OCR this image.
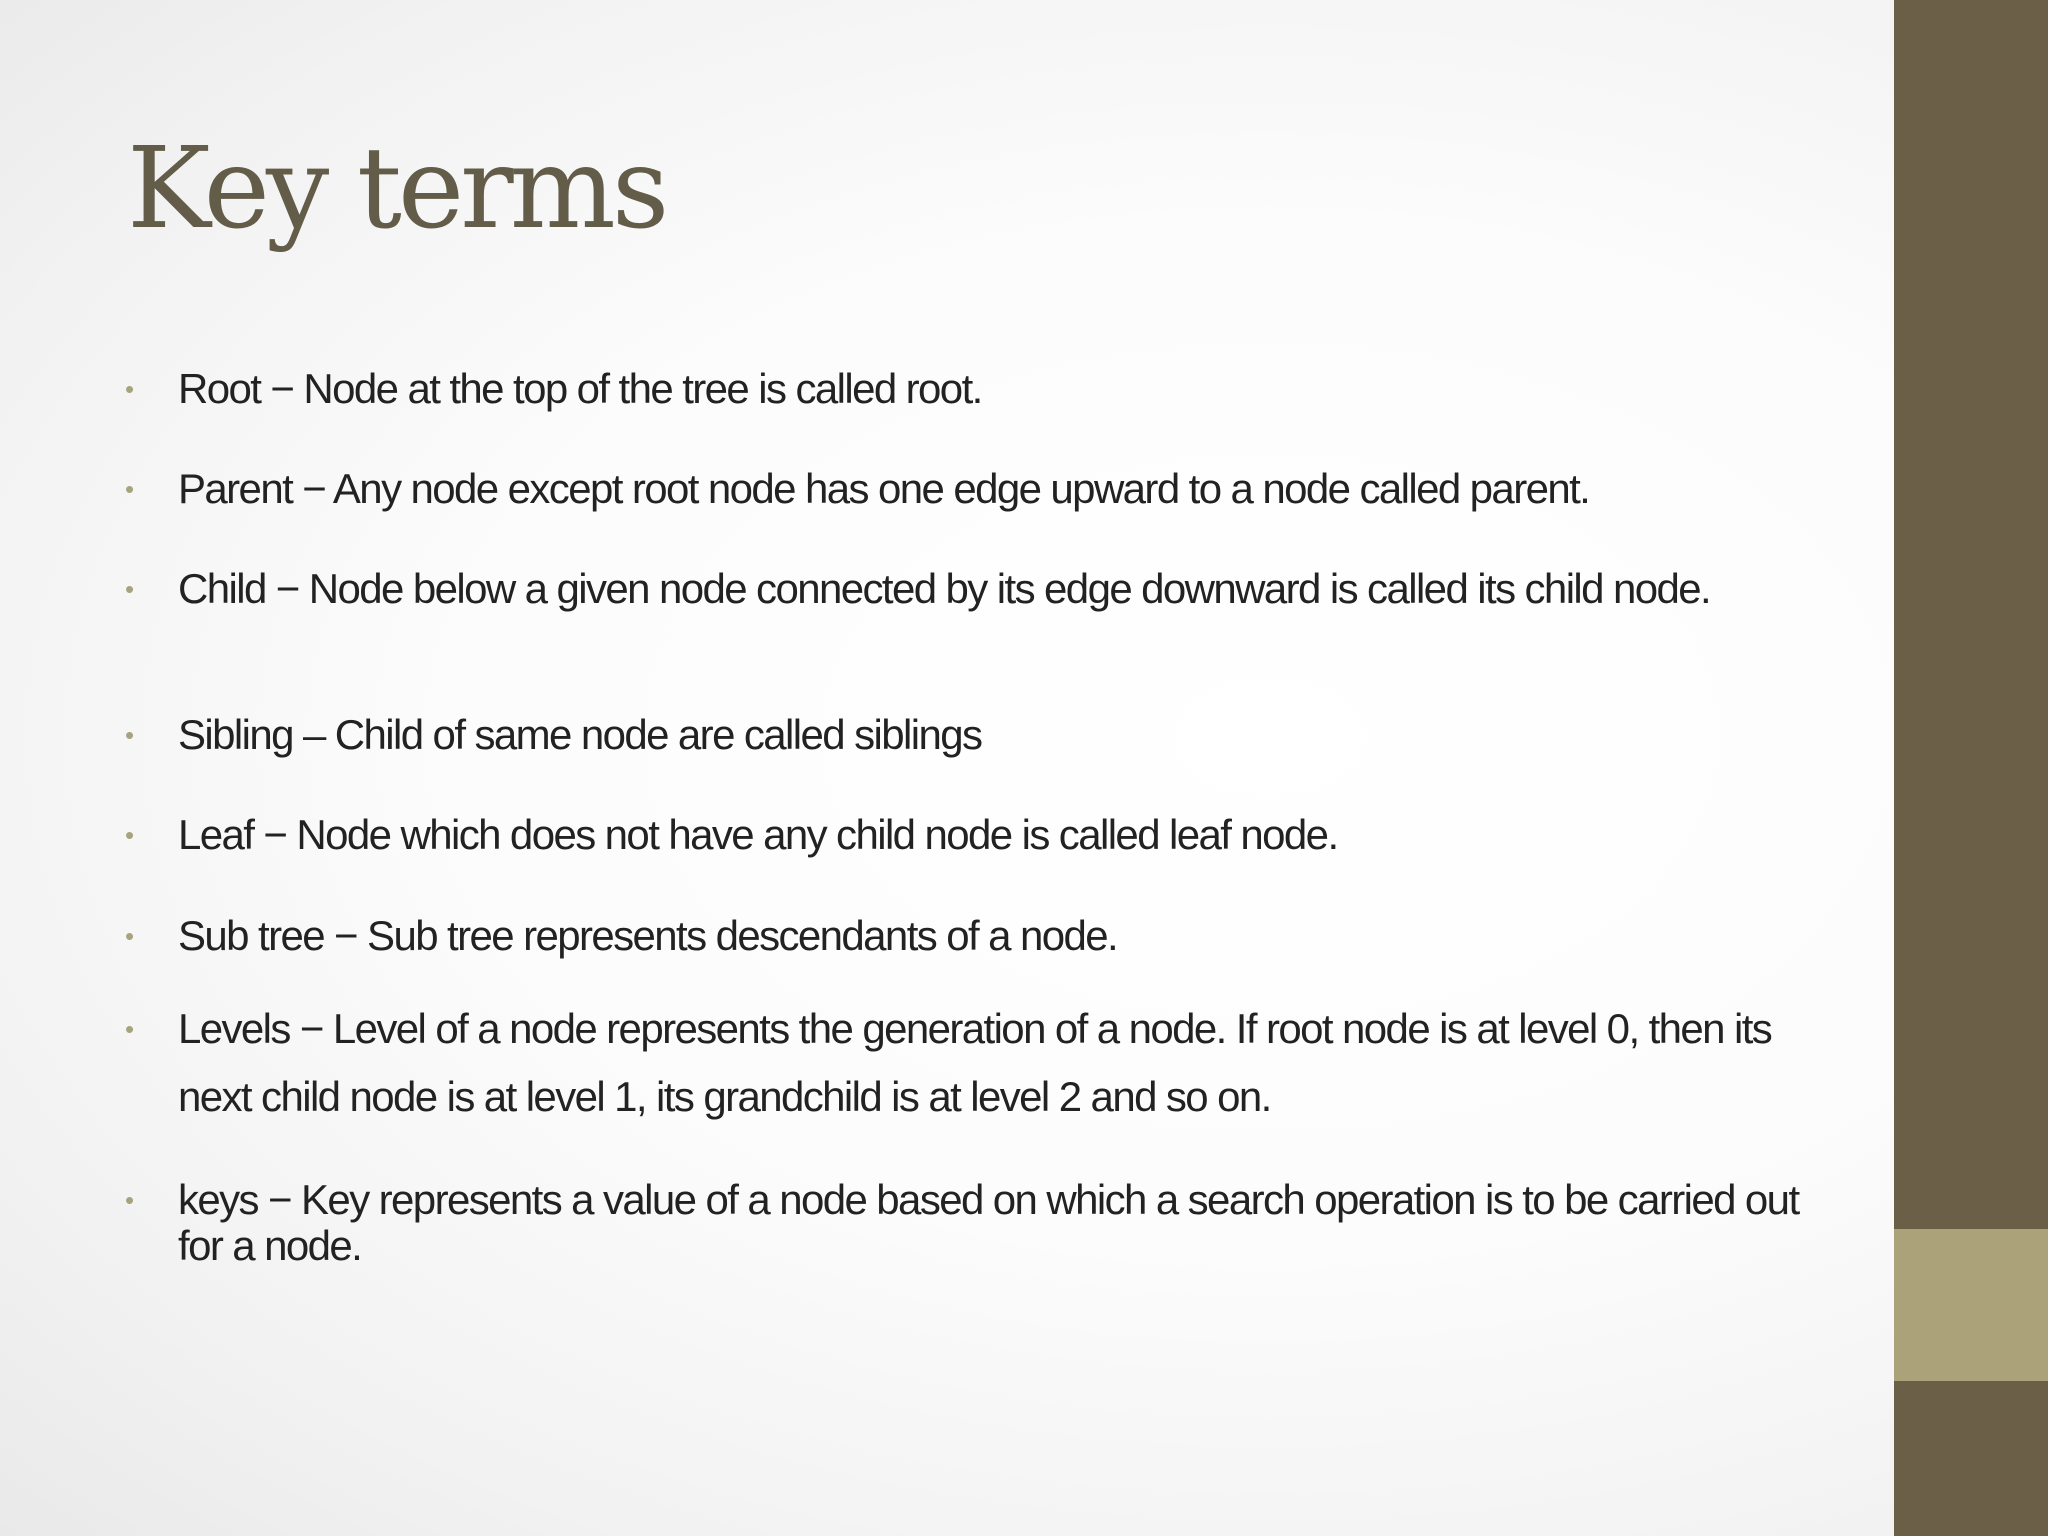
Key terms
•	Root − Node at the top of the tree is called root.
•	Parent − Any node except root node has one edge upward to a node called parent.
•	Child − Node below a given node connected by its edge downward is called its child node.
•	Sibling – Child of same node are called siblings
•	Leaf − Node which does not have any child node is called leaf node.
•	Sub tree − Sub tree represents descendants of a node.
•	Levels − Level of a node represents the generation of a node. If root node is at level 0, then its next child node is at level 1, its grandchild is at level 2 and so on.
•	keys − Key represents a value of a node based on which a search operation is to be carried out for a node.
